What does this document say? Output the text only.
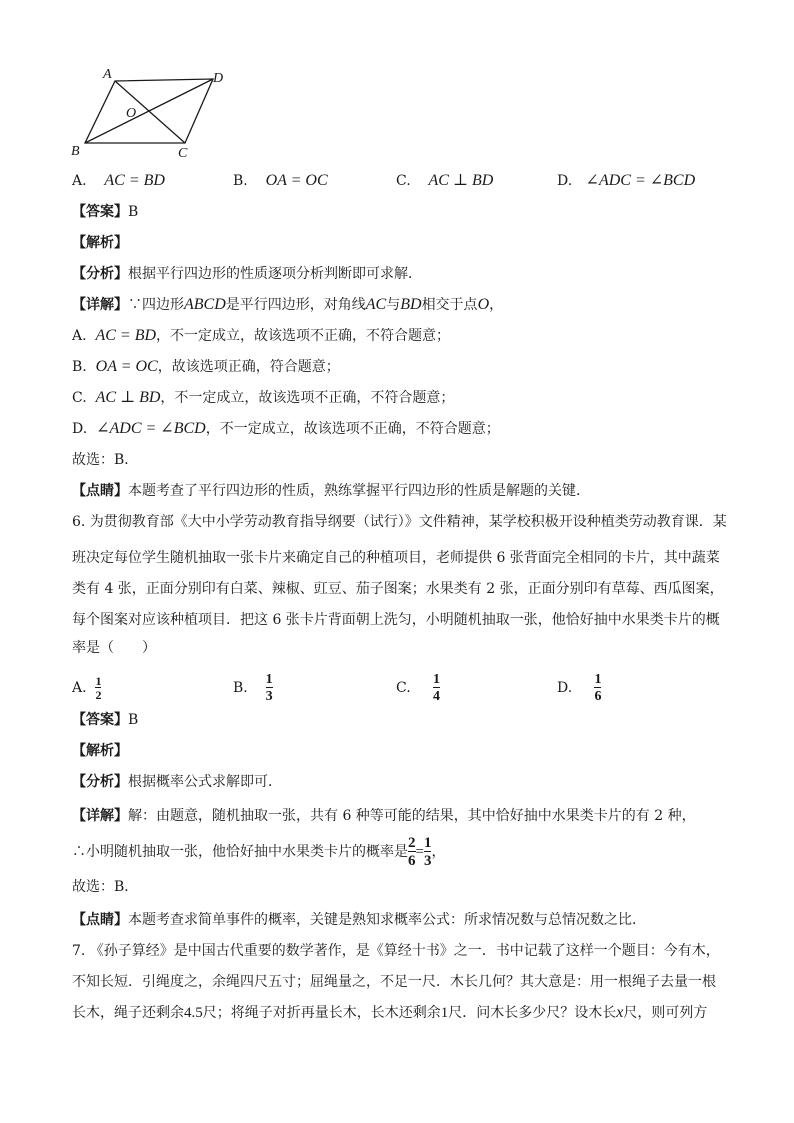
A	D
O
B	C
A. AC = BD	B. OA = OC	C. AC ⊥ BD	D. ∠ADC = ∠BCD
【答案】B
【解析】
【分析】根据平行四边形的性质逐项分析判断即可求解．
【详解】∵四边形ABCD是平行四边形，对角线AC与BD相交于点O，
A. AC = BD，不一定成立，故该选项不正确，不符合题意；
B. OA = OC，故该选项正确，符合题意；
C. AC ⊥ BD，不一定成立，故该选项不正确，不符合题意；
D. ∠ADC = ∠BCD，不一定成立，故该选项不正确，不符合题意；
故选：B．
【点睛】本题考查了平行四边形的性质，熟练掌握平行四边形的性质是解题的关键．
6. 为贯彻教育部《大中小学劳动教育指导纲要（试行）》文件精神，某学校积极开设种植类劳动教育课．某
班决定每位学生随机抽取一张卡片来确定自己的种植项目，老师提供 6 张背面完全相同的卡片，其中蔬菜
类有 4 张，正面分别印有白菜、辣椒、豇豆、茄子图案；水果类有 2 张，正面分别印有草莓、西瓜图案，
每个图案对应该种植项目．把这 6 张卡片背面朝上洗匀，小明随机抽取一张，他恰好抽中水果类卡片的概
率是（　　）
A.
$\frac{1}{2}$	B.
$\frac{1}{3}$	C.
$\frac{1}{4}$	D.
$\frac{1}{6}$
【答案】B
【解析】
【分析】根据概率公式求解即可．
【详解】解：由题意，随机抽取一张，共有 6 种等可能的结果，其中恰好抽中水果类卡片的有 2 种，
∴小明随机抽取一张，他恰好抽中水果类卡片的概率是 $\frac{2}{6} = \frac{1}{3}$ ，
故选：B．
【点睛】本题考查求简单事件的概率，关键是熟知求概率公式：所求情况数与总情况数之比．
7. 《孙子算经》是中国古代重要的数学著作，是《算经十书》之一．书中记载了这样一个题目：今有木，
不知长短．引绳度之，余绳四尺五寸；屈绳量之，不足一尺．木长几何？其大意是：用一根绳子去量一根
长木，绳子还剩余4.5尺；将绳子对折再量长木，长木还剩余1尺．问木长多少尺？设木长x尺，则可列方
